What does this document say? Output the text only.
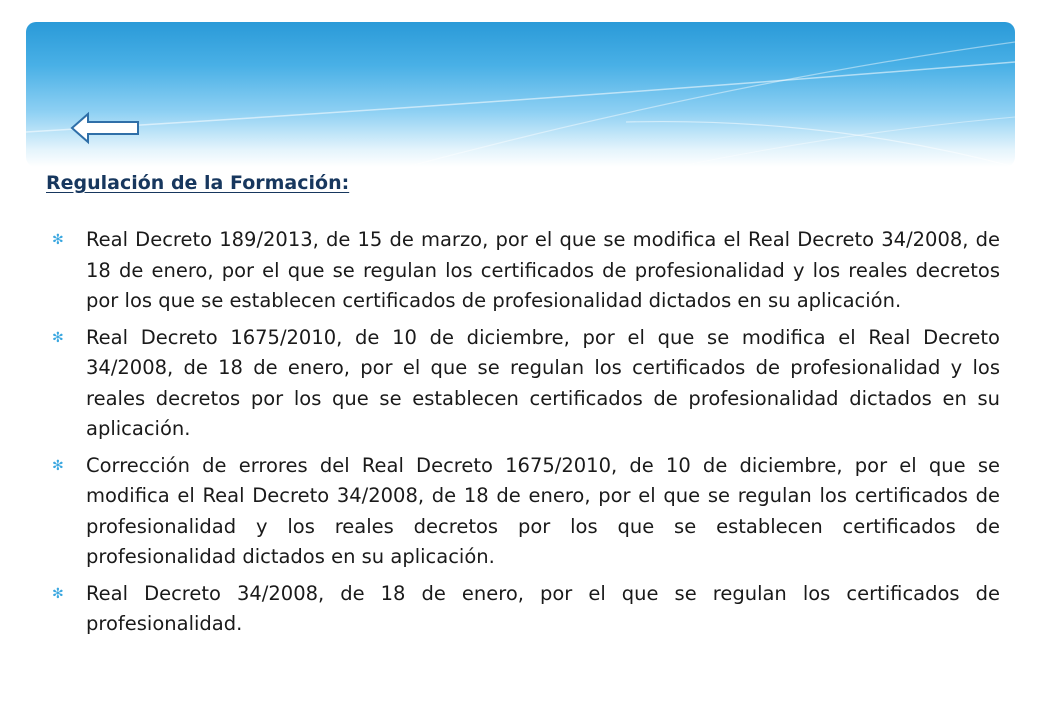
Regulación de la Formación:
✻ Real Decreto 189/2013, de 15 de marzo, por el que se modifica el Real Decreto 34/2008, de 18 de enero, por el que se regulan los certificados de profesionalidad y los reales decretos por los que se establecen certificados de profesionalidad dictados en su aplicación.
✻ Real Decreto 1675/2010, de 10 de diciembre, por el que se modifica el Real Decreto 34/2008, de 18 de enero, por el que se regulan los certificados de profesionalidad y los reales decretos por los que se establecen certificados de profesionalidad dictados en su aplicación.
✻ Corrección de errores del Real Decreto 1675/2010, de 10 de diciembre, por el que se modifica el Real Decreto 34/2008, de 18 de enero, por el que se regulan los certificados de profesionalidad y los reales decretos por los que se establecen certificados de profesionalidad dictados en su aplicación.
✻ Real Decreto 34/2008, de 18 de enero, por el que se regulan los certificados de profesionalidad.
